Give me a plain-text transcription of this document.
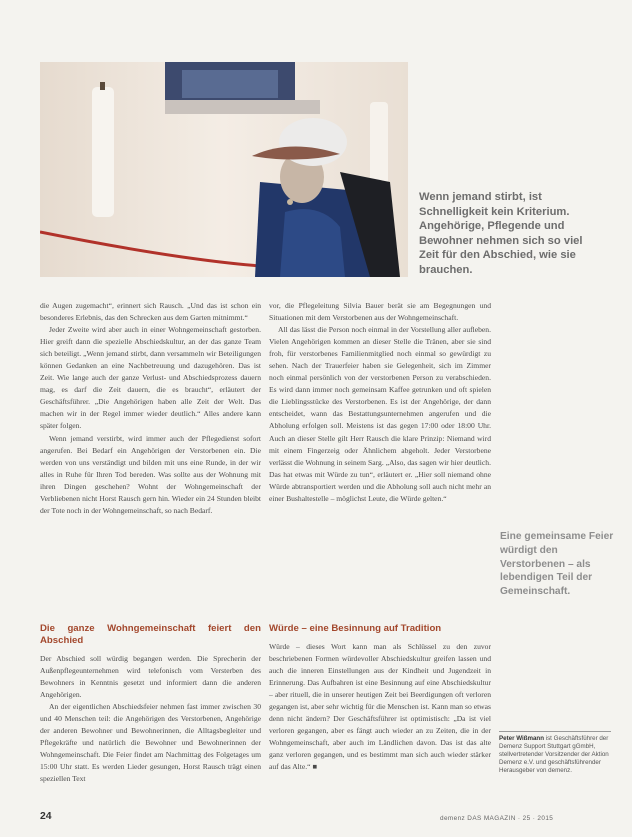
Wenn jemand stirbt, ist Schnelligkeit kein Kriterium. Angehörige, Pflegende und Bewohner nehmen sich so viel Zeit für den Abschied, wie sie brauchen.

die Augen zugemacht“, erinnert sich Rausch. „Und das ist schon ein besonderes Erlebnis, das den Schrecken aus dem Garten mitnimmt.“

Jeder Zweite wird aber auch in einer Wohngemeinschaft gestorben. Hier greift dann die spezielle Abschiedskultur, an der das ganze Team sich beteiligt. „Wenn jemand stirbt, dann versammeln wir Beteiligungen können Gedanken an eine Nachbetreuung und dazugehören. Das ist Zeit. Wie lange auch der ganze Verlust- und Abschiedsprozess dauern mag, es darf die Zeit dauern, die es braucht“, erläutert der Geschäftsführer. „Die Angehörigen haben alle Zeit der Welt. Das machen wir in der Regel immer wieder deutlich.“ Alles andere kann später folgen.

Wenn jemand verstirbt, wird immer auch der Pflegedienst sofort angerufen. Bei Bedarf ein Angehörigen der Verstorbenen ein. Die werden von uns verständigt und bilden mit uns eine Runde, in der wir alles in Ruhe für Ihren Tod bereden. Was sollte aus der Wohnung mit ihren Dingen geschehen? Wohnt der Wohngemeinschaft der Verbliebenen nicht Horst Rausch gern hin. Wieder ein 24 Stunden bleibt der Tote noch in der Wohngemeinschaft, so nach Bedarf.

vor, die Pflegeleitung Silvia Bauer berät sie am Begegnungen und Situationen mit dem Verstorbenen aus der Wohngemeinschaft.

All das lässt die Person noch einmal in der Vorstellung aller aufleben. Vielen Angehörigen kommen an dieser Stelle die Tränen, aber sie sind froh, für verstorbenes Familienmitglied noch einmal so gewürdigt zu sehen. Nach der Trauerfeier haben sie Gelegenheit, sich im Zimmer noch einmal persönlich von der verstorbenen Person zu verabschieden. Es wird dann immer noch gemeinsam Kaffee getrunken und oft spielen die Lieblingsstücke des Verstorbenen. Es ist der Angehörige, der dann entscheidet, wann das Bestattungsunternehmen angerufen und die Abholung erfolgen soll. Meistens ist das gegen 17:00 oder 18:00 Uhr. Auch an dieser Stelle gilt Herr Rausch die klare Prinzip: Niemand wird mit einem Fingerzeig oder Ähnlichem abgeholt. Jeder Verstorbene verlässt die Wohnung in seinem Sarg. „Also, das sagen wir hier deutlich. Das hat etwas mit Würde zu tun“, erläutert er. „Hier soll niemand ohne Würde abtransportiert werden und die Abholung soll auch nicht mehr an einer Bushaltestelle – möglichst Leute, die Würde gelten.“

Eine gemeinsame Feier würdigt den Verstorbenen – als lebendigen Teil der Gemeinschaft.
Die ganze Wohngemeinschaft feiert den Abschied

Der Abschied soll würdig begangen werden. Die Sprecherin der Außenpflegeunternehmen wird telefonisch vom Versterben des Bewohners in Kenntnis gesetzt und informiert dann die anderen Angehörigen.

An der eigentlichen Abschiedsfeier nehmen fast immer zwischen 30 und 40 Menschen teil: die Angehörigen des Verstorbenen, Angehörige der anderen Bewohner und Bewohnerinnen, die Alltagsbegleiter und Pflegekräfte und natürlich die Bewohner und Bewohnerinnen der Wohngemeinschaft. Die Feier findet am Nachmittag des Folgetages um 15:00 Uhr statt. Es werden Lieder gesungen, Horst Rausch trägt einen speziellen Text

Würde – eine Besinnung auf Tradition

Würde – dieses Wort kann man als Schlüssel zu den zuvor beschriebenen Formen würdevoller Abschiedskultur greifen lassen und auch die inneren Einstellungen aus der Kindheit und Jugendzeit in Erinnerung. Das Aufbahren ist eine Besinnung auf eine Abschiedskultur – aber rituell, die in unserer heutigen Zeit bei Beerdigungen oft verloren gegangen ist, aber sehr wichtig für die Menschen ist. Kann man so etwas denn nicht ändern? Der Geschäftsführer ist optimistisch: „Da ist viel verloren gegangen, aber es fängt auch wieder an zu Zeiten, die in der Wohngemeinschaft, aber auch im Ländlichen davon. Das ist das alte ganz verloren gegangen, und es bestimmt man sich auch wieder stärker auf das Alte.“ ■

Peter Wißmann ist Geschäftsführer der Demenz Support Stuttgart gGmbH, stellvertretender Vorsitzender der Aktion Demenz e.V. und geschäftsführender Herausgeber von demenz.
24	demenz DAS MAGAZIN · 25 · 2015
